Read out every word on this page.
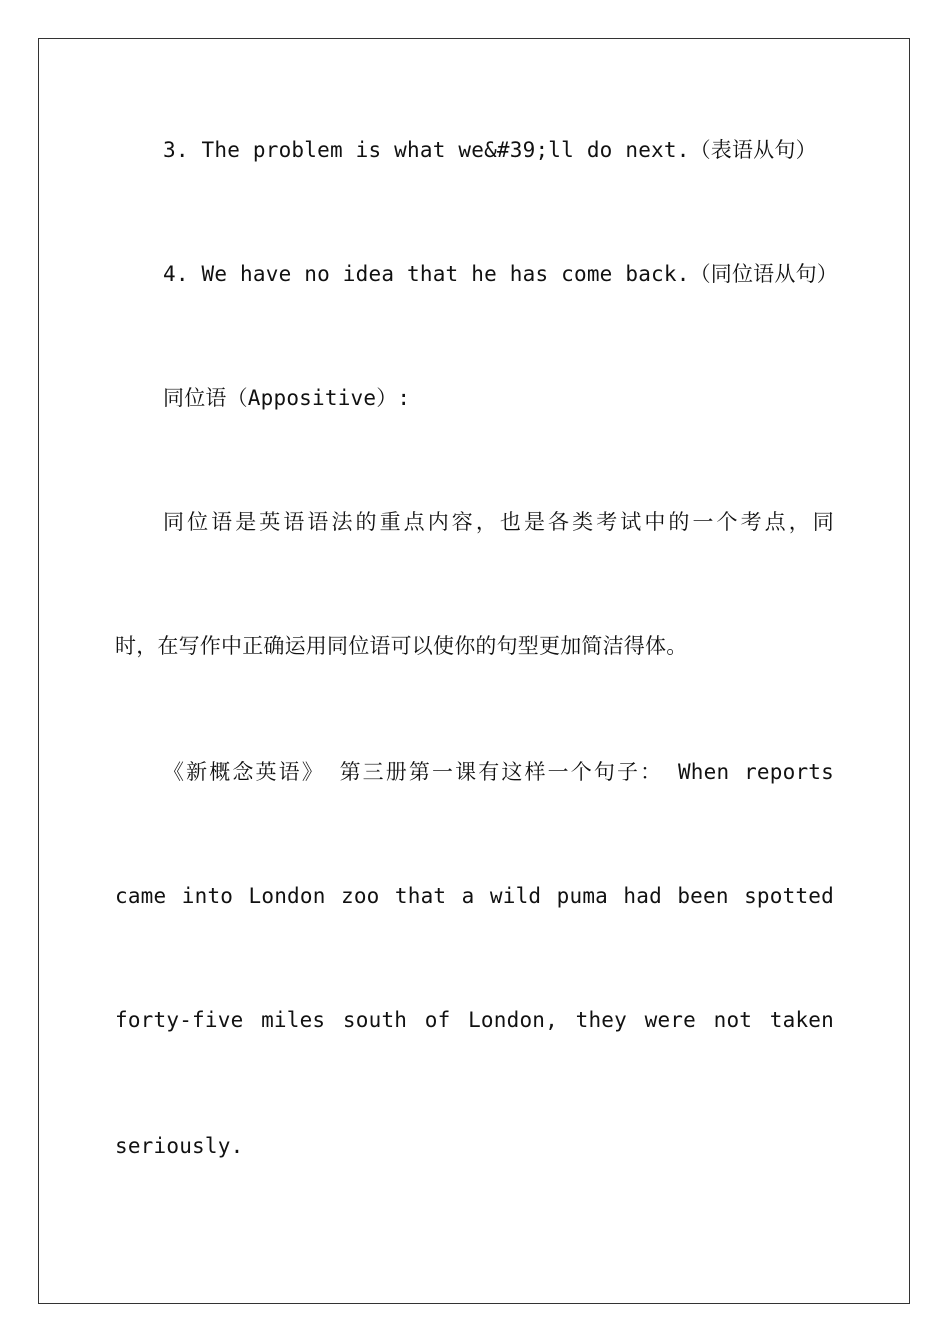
3. The problem is what we&#39;ll do next.（表语从句）
4. We have no idea that he has come back.（同位语从句）
同位语（Appositive）:
同位语是英语语法的重点内容，也是各类考试中的一个考点，同
时，在写作中正确运用同位语可以使你的句型更加简洁得体。
《新概念英语》 第三册第一课有这样一个句子： When reports
came into London zoo that a wild puma had been spotted
forty-five miles south of London, they were not taken
seriously.
